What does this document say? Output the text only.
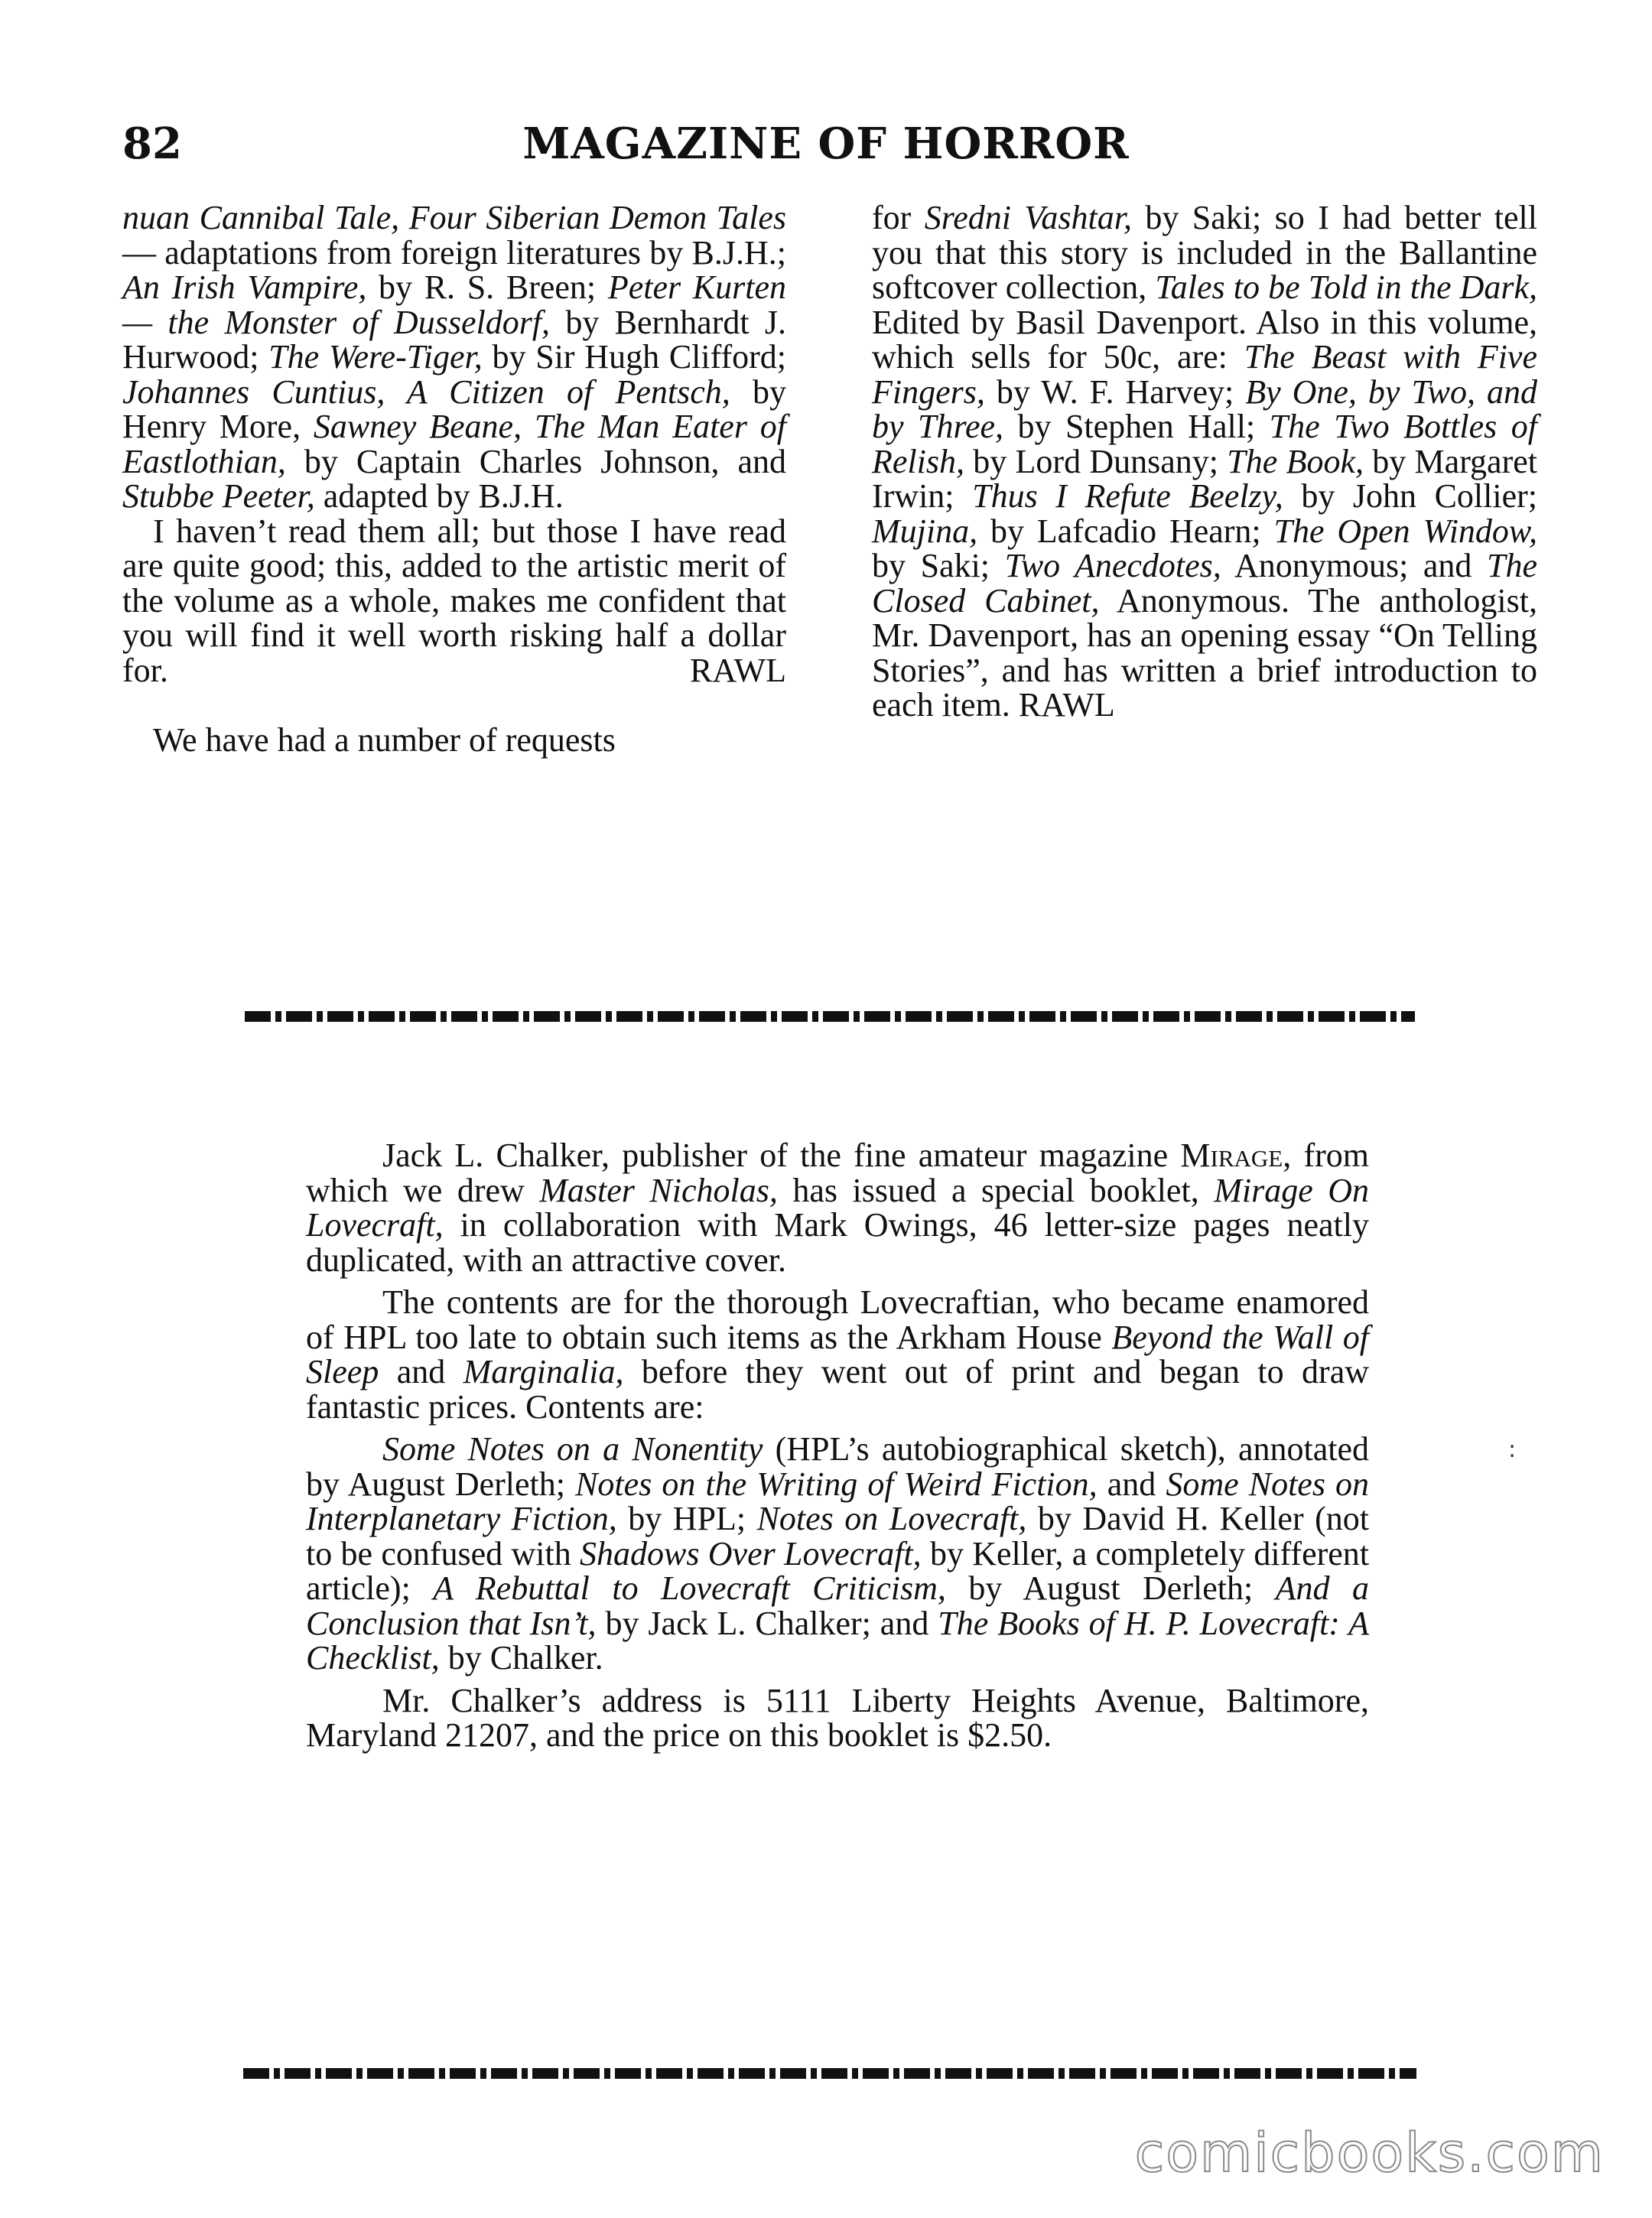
82	MAGAZINE OF HORROR

nuan Cannibal Tale, Four Siberian Demon Tales — adaptations from foreign literatures by B.J.H.; An Irish Vampire, by R. S. Breen; Peter Kurten — the Monster of Dusseldorf, by Bernhardt J. Hurwood; The Were-Tiger, by Sir Hugh Clifford; Johannes Cuntius, A Citizen of Pentsch, by Henry More, Sawney Beane, The Man Eater of Eastlothian, by Captain Charles Johnson, and Stubbe Peeter, adapted by B.J.H.

I haven’t read them all; but those I have read are quite good; this, added to the artistic merit of the volume as a whole, makes me confident that you will find it well worth risking half a dollar for.	RAWL

We have had a number of requests

for Sredni Vashtar, by Saki; so I had better tell you that this story is included in the Ballantine softcover collection, Tales to be Told in the Dark, Edited by Basil Davenport. Also in this volume, which sells for 50c, are: The Beast with Five Fingers, by W. F. Harvey; By One, by Two, and by Three, by Stephen Hall; The Two Bottles of Relish, by Lord Dunsany; The Book, by Margaret Irwin; Thus I Refute Beelzy, by John Collier; Mujina, by Lafcadio Hearn; The Open Window, by Saki; Two Anecdotes, Anonymous; and The Closed Cabinet, Anonymous. The anthologist, Mr. Davenport, has an opening essay “On Telling Stories”, and has written a brief introduction to each item. RAWL

Jack L. Chalker, publisher of the fine amateur magazine Mirage, from which we drew Master Nicholas, has issued a special booklet, Mirage On Lovecraft, in collaboration with Mark Owings, 46 letter-size pages neatly duplicated, with an attractive cover.

The contents are for the thorough Lovecraftian, who became enamored of HPL too late to obtain such items as the Arkham House Beyond the Wall of Sleep and Marginalia, before they went out of print and began to draw fantastic prices. Contents are:

Some Notes on a Nonentity (HPL’s autobiographical sketch), annotated by August Derleth; Notes on the Writing of Weird Fiction, and Some Notes on Interplanetary Fiction, by HPL; Notes on Lovecraft, by David H. Keller (not to be confused with Shadows Over Lovecraft, by Keller, a completely different article); A Rebuttal to Lovecraft Criticism, by August Derleth; And a Conclusion that Isn’t, by Jack L. Chalker; and The Books of H. P. Lovecraft: A Checklist, by Chalker.

Mr. Chalker’s address is 5111 Liberty Heights Avenue, Baltimore, Maryland 21207, and the price on this booklet is $2.50.

:
comicbooks.com
